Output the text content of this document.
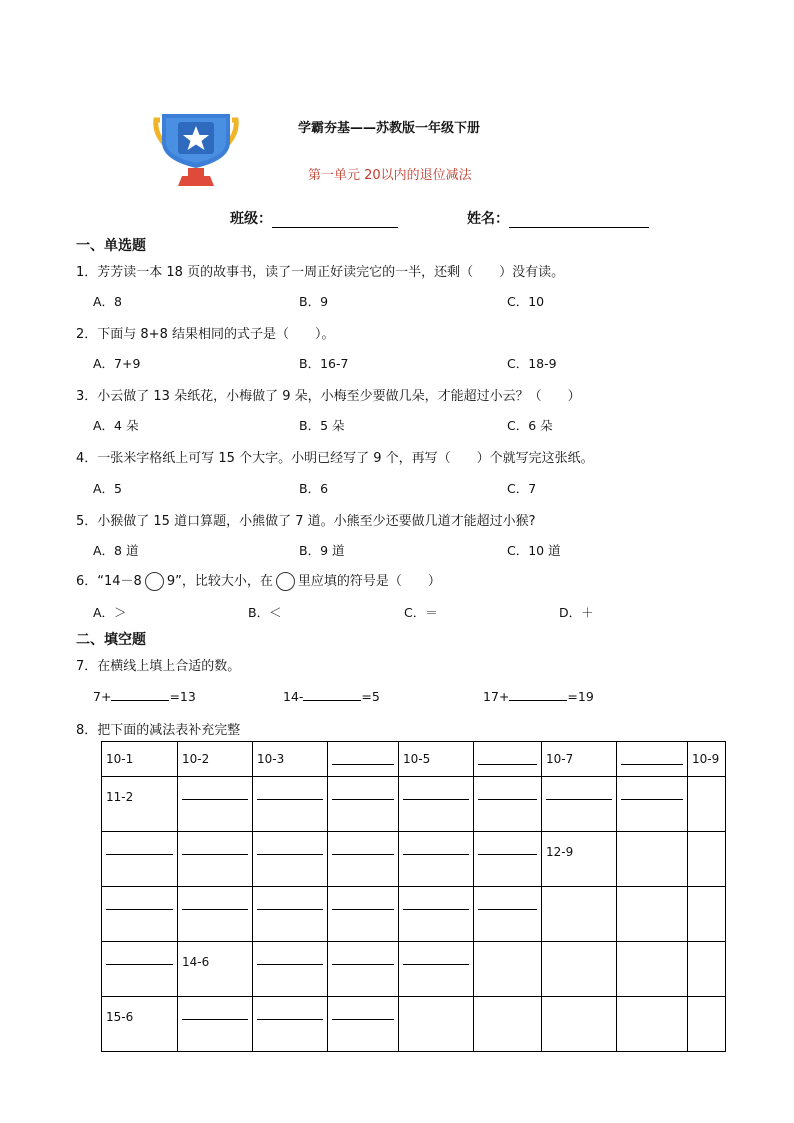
学霸夯基——苏教版一年级下册
第一单元 20以内的退位减法
班级：	姓名：
一、单选题
1．芳芳读一本 18 页的故事书，读了一周正好读完它的一半，还剩（　　）没有读。
A．8	B．9	C．10
2．下面与 8+8 结果相同的式子是（　　）。
A．7+9	B．16-7	C．18-9
3．小云做了 13 朵纸花，小梅做了 9 朵，小梅至少要做几朵，才能超过小云？（　　）
A．4 朵	B．5 朵	C．6 朵
4．一张米字格纸上可写 15 个大字。小明已经写了 9 个，再写（　　）个就写完这张纸。
A．5	B．6	C．7
5．小猴做了 15 道口算题，小熊做了 7 道。小熊至少还要做几道才能超过小猴?
A．8 道	B．9 道	C．10 道
6．“14－8 9”，比较大小，在 里应填的符号是（　　）
A．＞	B．＜	C．＝	D．＋
二、填空题
7．在横线上填上合适的数。
7+	=13	14-	=5	17+	=19
8．把下面的减法表补充完整
10-1	10-2	10-3		10-5		10-7		10-9

11-2								

						12-9		

	14-6							

15-6								
